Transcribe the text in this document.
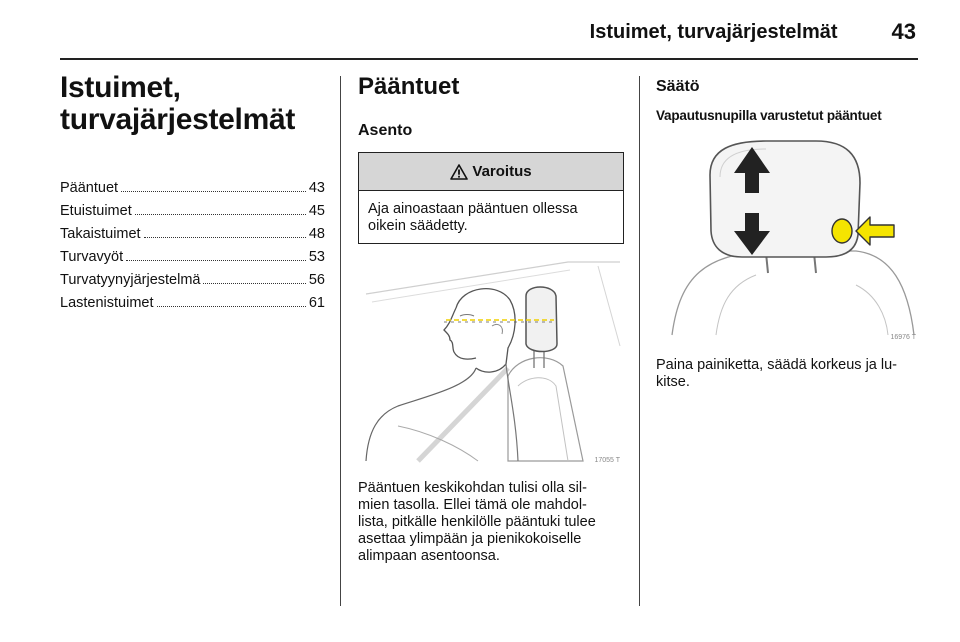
Istuimet, turvajärjestelmät 43
Istuimet,
turvajärjestelmät
Pääntuet	43
Etuistuimet	45
Takaistuimet	48
Turvavyöt	53
Turvatyynyjärjestelmä	56
Lastenistuimet	61
Pääntuet
Asento
Varoitus
Aja ainoastaan pääntuen ollessa oikein säädetty.
17055 T
Pääntuen keskikohdan tulisi olla sil-
mien tasolla. Ellei tämä ole mahdol-
lista, pitkälle henkilölle pääntuki tulee
asettaa ylimpään ja pienikokoiselle
alimpaan asentoonsa.
Säätö
Vapautusnupilla varustetut pääntuet
16976 T
Paina painiketta, säädä korkeus ja lu-
kitse.
